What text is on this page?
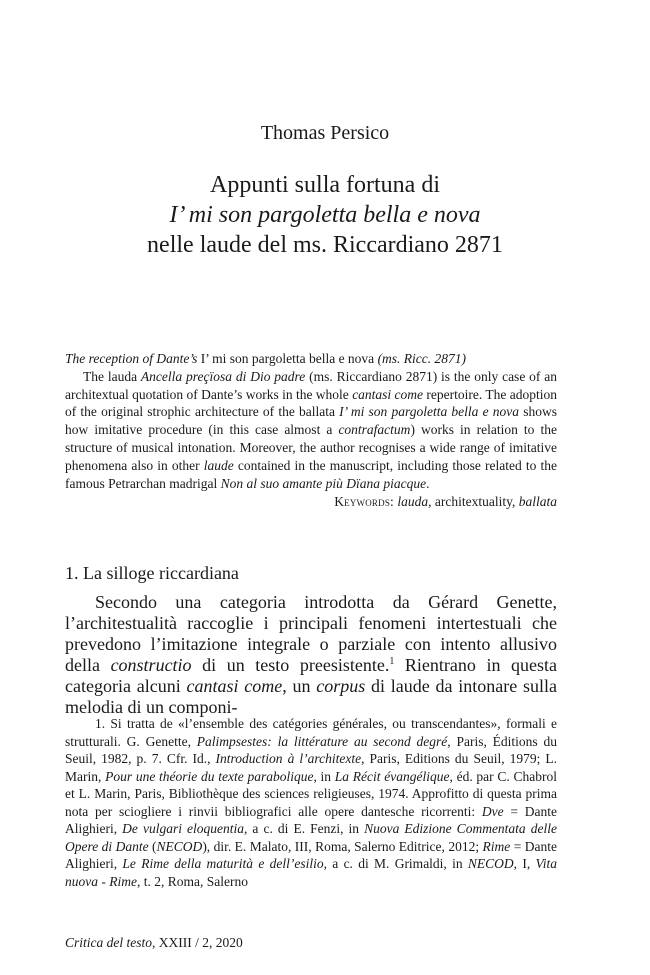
Thomas Persico
Appunti sulla fortuna di
I’ mi son pargoletta bella e nova
nelle laude del ms. Riccardiano 2871
The reception of Dante’s I’ mi son pargoletta bella e nova (ms. Ricc. 2871)

The lauda Ancella preçïosa di Dio padre (ms. Riccardiano 2871) is the only case of an architextual quotation of Dante’s works in the whole cantasi come repertoire. The adoption of the original strophic architecture of the ballata I’ mi son pargoletta bella e nova shows how imitative procedure (in this case almost a contrafactum) works in relation to the structure of musical intonation. Moreover, the author recognises a wide range of imitative phenomena also in other laude contained in the manuscript, including those related to the famous Petrarchan madrigal Non al suo amante più Dïana piacque.

Keywords: lauda, architextuality, ballata
1. La silloge riccardiana

Secondo una categoria introdotta da Gérard Genette, l’architestualità raccoglie i principali fenomeni intertestuali che prevedono l’imitazione integrale o parziale con intento allusivo della constructio di un testo preesistente.$^1$ Rientrano in questa categoria alcuni cantasi come, un corpus di laude da intonare sulla melodia di un componi-

1. Si tratta de «l’ensemble des catégories générales, ou transcendantes», formali e strutturali. G. Genette, Palimpsestes: la littérature au second degré, Paris, Éditions du Seuil, 1982, p. 7. Cfr. Id., Introduction à l’architexte, Paris, Editions du Seuil, 1979; L. Marin, Pour une théorie du texte parabolique, in La Récit évangélique, éd. par C. Chabrol et L. Marin, Paris, Bibliothèque des sciences religieuses, 1974. Approfitto di questa prima nota per sciogliere i rinvii bibliografici alle opere dantesche ricorrenti: Dve = Dante Alighieri, De vulgari eloquentia, a c. di E. Fenzi, in Nuova Edizione Commentata delle Opere di Dante (NECOD), dir. E. Malato, III, Roma, Salerno Editrice, 2012; Rime = Dante Alighieri, Le Rime della maturità e dell’esilio, a c. di M. Grimaldi, in NECOD, I, Vita nuova - Rime, t. 2, Roma, Salerno

Critica del testo, XXIII / 2, 2020
